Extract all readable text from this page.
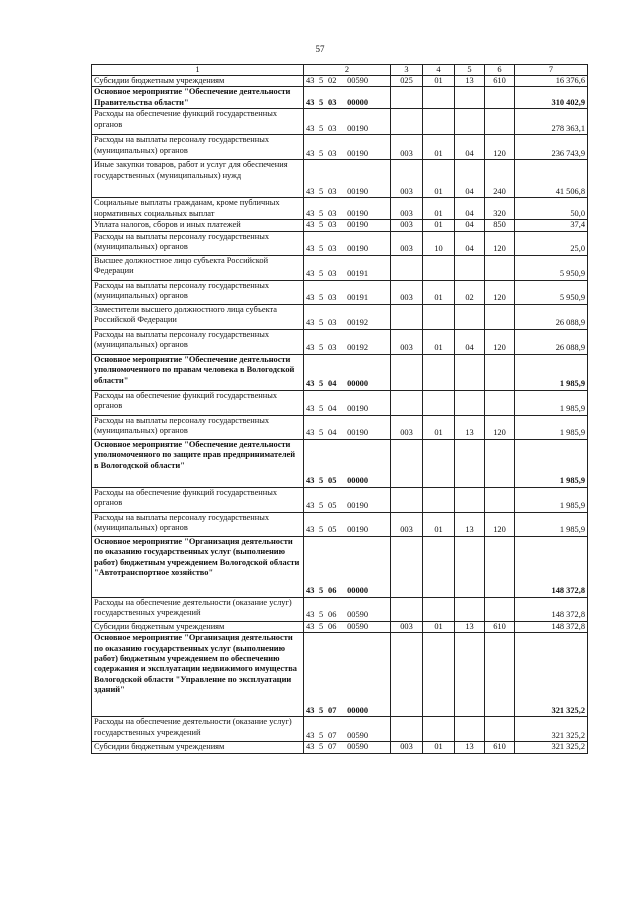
57
1	2	3	4	5	6	7
Субсидии бюджетным учреждениям	43 5 02 00590	025	01	13	610	16 376,6
Основное мероприятие "Обеспечение деятельности Правительства области"	43 5 03 00000					310 402,9
Расходы на обеспечение функций государственных органов	43 5 03 00190					278 363,1
Расходы на выплаты персоналу государственных (муниципальных) органов	43 5 03 00190	003	01	04	120	236 743,9
Иные закупки товаров, работ и услуг для обеспечения государственных (муниципальных) нужд	43 5 03 00190	003	01	04	240	41 506,8
Социальные выплаты гражданам, кроме публичных нормативных социальных выплат	43 5 03 00190	003	01	04	320	50,0
Уплата налогов, сборов и иных платежей	43 5 03 00190	003	01	04	850	37,4
Расходы на выплаты персоналу государственных (муниципальных) органов	43 5 03 00190	003	10	04	120	25,0
Высшее должностное лицо субъекта Российской Федерации	43 5 03 00191					5 950,9
Расходы на выплаты персоналу государственных (муниципальных) органов	43 5 03 00191	003	01	02	120	5 950,9
Заместители высшего должностного лица субъекта Российской Федерации	43 5 03 00192					26 088,9
Расходы на выплаты персоналу государственных (муниципальных) органов	43 5 03 00192	003	01	04	120	26 088,9
Основное мероприятие "Обеспечение деятельности уполномоченного по правам человека в Вологодской области"	43 5 04 00000					1 985,9
Расходы на обеспечение функций государственных органов	43 5 04 00190					1 985,9
Расходы на выплаты персоналу государственных (муниципальных) органов	43 5 04 00190	003	01	13	120	1 985,9
Основное мероприятие "Обеспечение деятельности уполномоченного по защите прав предпринимателей в Вологодской области"	43 5 05 00000					1 985,9
Расходы на обеспечение функций государственных органов	43 5 05 00190					1 985,9
Расходы на выплаты персоналу государственных (муниципальных) органов	43 5 05 00190	003	01	13	120	1 985,9
Основное мероприятие "Организация деятельности по оказанию государственных услуг (выполнению работ) бюджетным учреждением Вологодской области "Автотранспортное хозяйство"	43 5 06 00000					148 372,8
Расходы на обеспечение деятельности (оказание услуг) государственных учреждений	43 5 06 00590					148 372,8
Субсидии бюджетным учреждениям	43 5 06 00590	003	01	13	610	148 372,8
Основное мероприятие "Организация деятельности по оказанию государственных услуг (выполнению работ) бюджетным учреждением по обеспечению содержания и эксплуатации недвижимого имущества Вологодской области "Управление по эксплуатации зданий"	43 5 07 00000					321 325,2
Расходы на обеспечение деятельности (оказание услуг) государственных учреждений	43 5 07 00590					321 325,2
Субсидии бюджетным учреждениям	43 5 07 00590	003	01	13	610	321 325,2
